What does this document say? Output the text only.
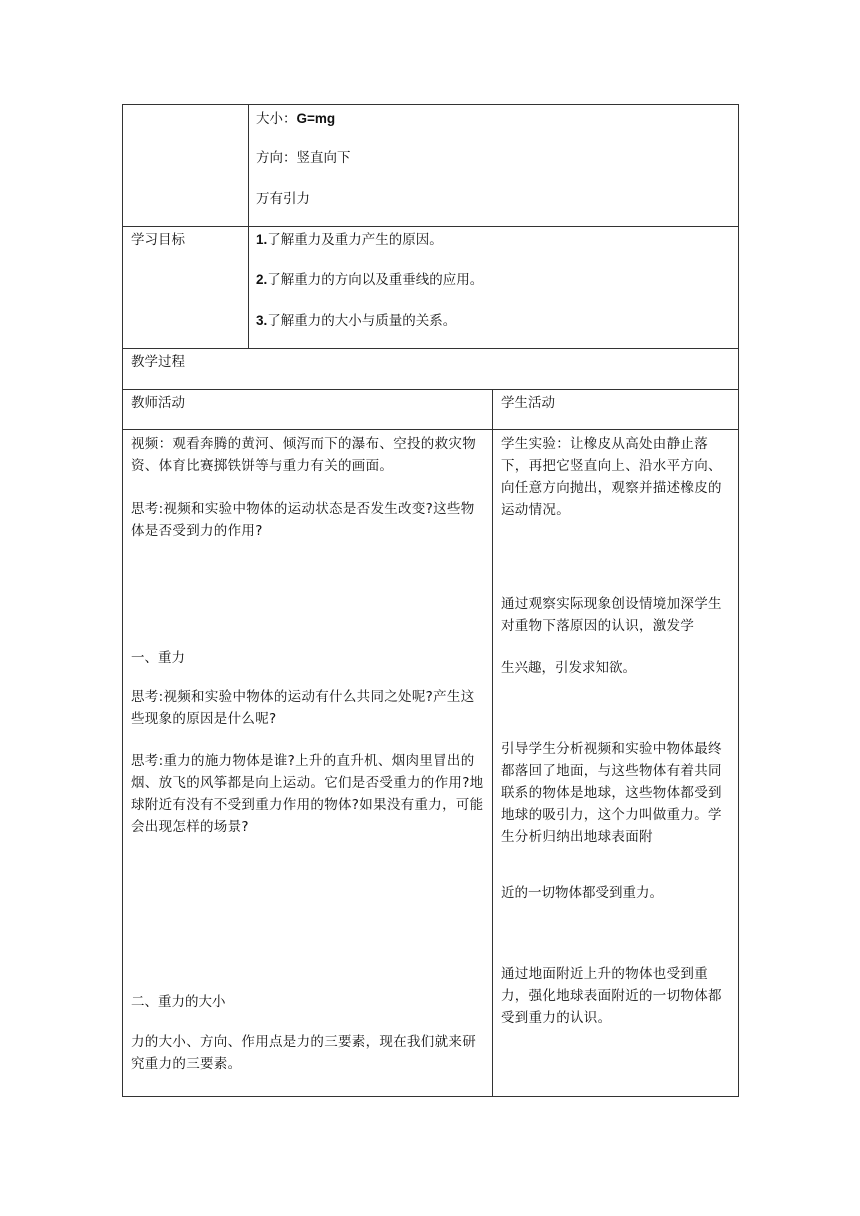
大小：G=mg
方向：竖直向下
万有引力
学习目标	1.了解重力及重力产生的原因。
2.了解重力的方向以及重垂线的应用。
3.了解重力的大小与质量的关系。
教学过程
教师活动	学生活动
视频：观看奔腾的黄河、倾泻而下的瀑布、空投的救灾物资、体育比赛掷铁饼等与重力有关的画面。
思考:视频和实验中物体的运动状态是否发生改变?这些物体是否受到力的作用?
一、重力
思考:视频和实验中物体的运动有什么共同之处呢?产生这些现象的原因是什么呢?
思考:重力的施力物体是谁?上升的直升机、烟肉里冒出的烟、放飞的风筝都是向上运动。它们是否受重力的作用?地球附近有没有不受到重力作用的物体?如果没有重力，可能会出现怎样的场景?
二、重力的大小
力的大小、方向、作用点是力的三要素，现在我们就来研究重力的三要素。
学生实验：让橡皮从高处由静止落下，再把它竖直向上、沿水平方向、向任意方向抛出，观察并描述橡皮的运动情况。
通过观察实际现象创设情境加深学生对重物下落原因的认识，激发学
生兴趣，引发求知欲。
引导学生分析视频和实验中物体最终都落回了地面，与这些物体有着共同联系的物体是地球，这些物体都受到地球的吸引力，这个力叫做重力。学生分析归纳出地球表面附
近的一切物体都受到重力。
通过地面附近上升的物体也受到重力，强化地球表面附近的一切物体都受到重力的认识。
